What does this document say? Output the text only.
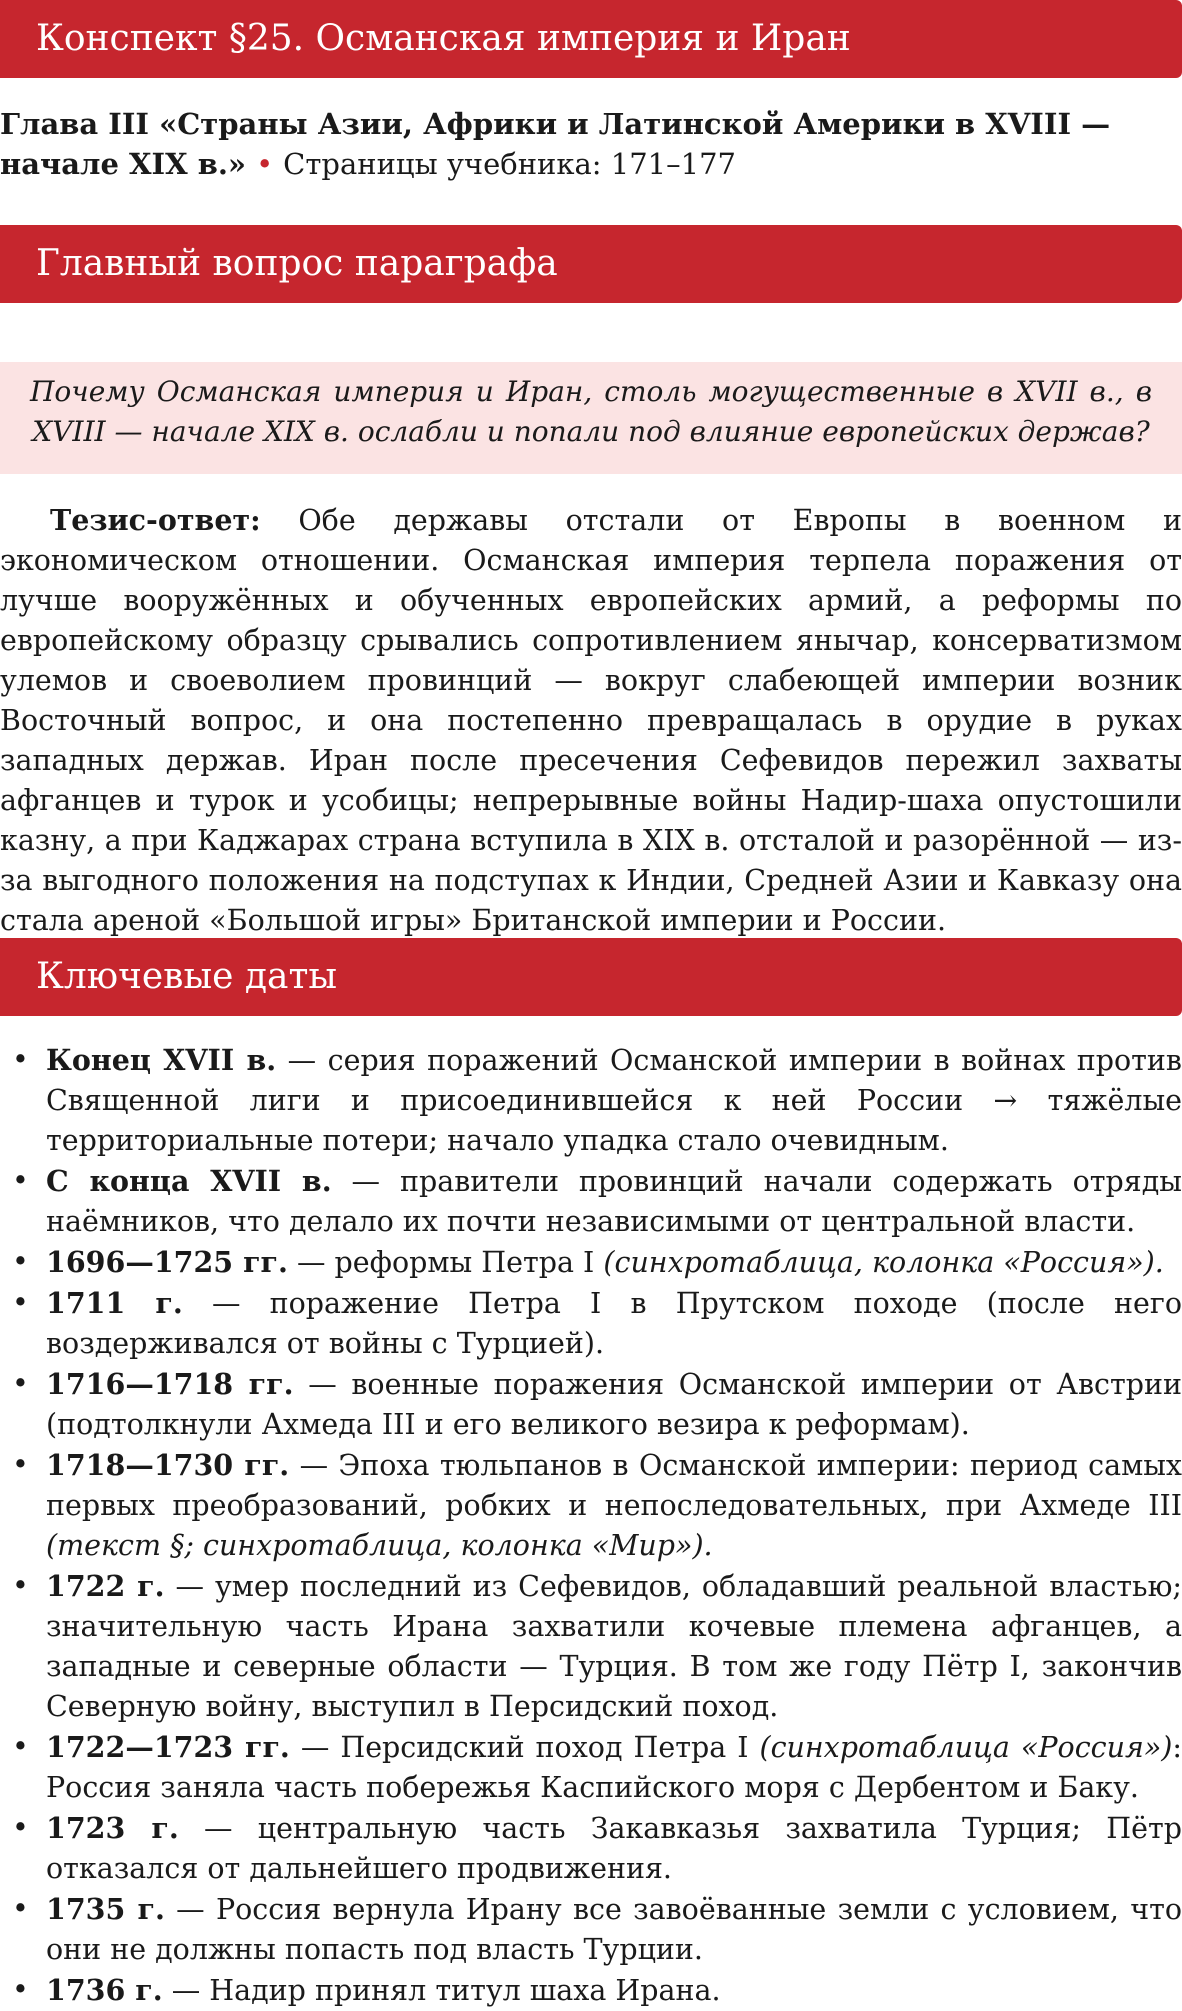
Конспект §25. Османская империя и Иран
Глава III «Страны Азии, Африки и Латинской Америки в XVIII — начале XIX в.» • Страницы учебника: 171–177
Главный вопрос параграфа
Почему Османская империя и Иран, столь могущественные в XVII в., в XVIII — начале XIX в. ослабли и попали под влияние европейских держав?
Тезис-ответ: Обе державы отстали от Европы в военном и экономическом отношении. Османская империя терпела поражения от лучше вооружённых и обученных европейских армий, а реформы по европейскому образцу срывались сопротивлением янычар, консерватизмом улемов и своеволием провинций — вокруг слабеющей империи возник Восточный вопрос, и она постепенно превращалась в орудие в руках западных держав. Иран после пресечения Сефевидов пережил захваты афганцев и турок и усобицы; непрерывные войны Надир-шаха опустошили казну, а при Каджарах страна вступила в XIX в. отсталой и разорённой — из-за выгодного положения на подступах к Индии, Средней Азии и Кавказу она стала ареной «Большой игры» Британской империи и России.
Ключевые даты
• Конец XVII в. — серия поражений Османской империи в войнах против Священной лиги и присоединившейся к ней России → тяжёлые территориальные потери; начало упадка стало очевидным.
• С конца XVII в. — правители провинций начали содержать отряды наёмников, что делало их почти независимыми от центральной власти.
• 1696—1725 гг. — реформы Петра I (синхротаблица, колонка «Россия»).
• 1711 г. — поражение Петра I в Прутском походе (после него воздерживался от войны с Турцией).
• 1716—1718 гг. — военные поражения Османской империи от Австрии (подтолкнули Ахмеда III и его великого везира к реформам).
• 1718—1730 гг. — Эпоха тюльпанов в Османской империи: период самых первых преобразований, робких и непоследовательных, при Ахмеде III (текст §; синхротаблица, колонка «Мир»).
• 1722 г. — умер последний из Сефевидов, обладавший реальной властью; значительную часть Ирана захватили кочевые племена афганцев, а западные и северные области — Турция. В том же году Пётр I, закончив Северную войну, выступил в Персидский поход.
• 1722—1723 гг. — Персидский поход Петра I (синхротаблица «Россия»): Россия заняла часть побережья Каспийского моря с Дербентом и Баку.
• 1723 г. — центральную часть Закавказья захватила Турция; Пётр отказался от дальнейшего продвижения.
• 1735 г. — Россия вернула Ирану все завоёванные земли с условием, что они не должны попасть под власть Турции.
• 1736 г. — Надир принял титул шаха Ирана.
